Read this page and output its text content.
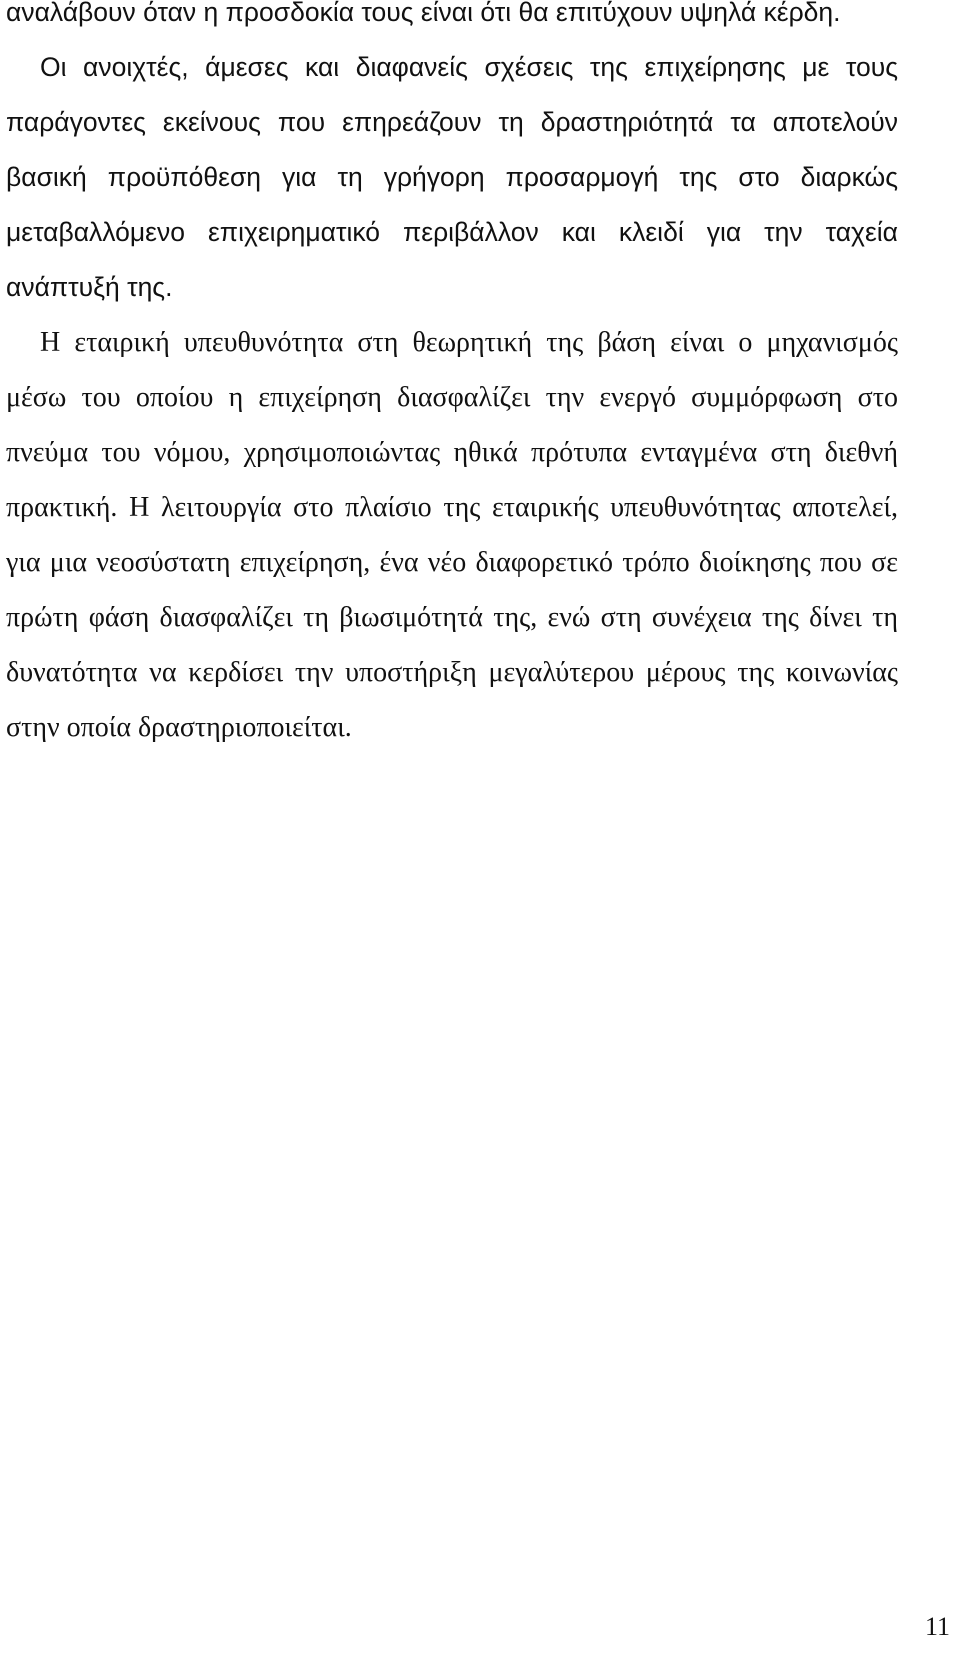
αναλάβουν όταν η προσδοκία τους είναι ότι θα επιτύχουν υψηλά κέρδη.

Οι ανοιχτές, άμεσες και διαφανείς σχέσεις της επιχείρησης με τους παράγοντες εκείνους που επηρεάζουν τη δραστηριότητά τα αποτελούν βασική προϋπόθεση για τη γρήγορη προσαρμογή της στο διαρκώς μεταβαλλόμενο επιχειρηματικό περιβάλλον και κλειδί για την ταχεία ανάπτυξή της.

Η εταιρική υπευθυνότητα στη θεωρητική της βάση είναι ο μηχανισμός μέσω του οποίου η επιχείρηση διασφαλίζει την ενεργό συμμόρφωση στο πνεύμα του νόμου, χρησιμοποιώντας ηθικά πρότυπα ενταγμένα στη διεθνή πρακτική. Η λειτουργία στο πλαίσιο της εταιρικής υπευθυνότητας αποτελεί, για μια νεοσύστατη επιχείρηση, ένα νέο διαφορετικό τρόπο διοίκησης που σε πρώτη φάση διασφαλίζει τη βιωσιμότητά της, ενώ στη συνέχεια της δίνει τη δυνατότητα να κερδίσει την υποστήριξη μεγαλύτερου μέρους της κοινωνίας στην οποία δραστηριοποιείται.

11
